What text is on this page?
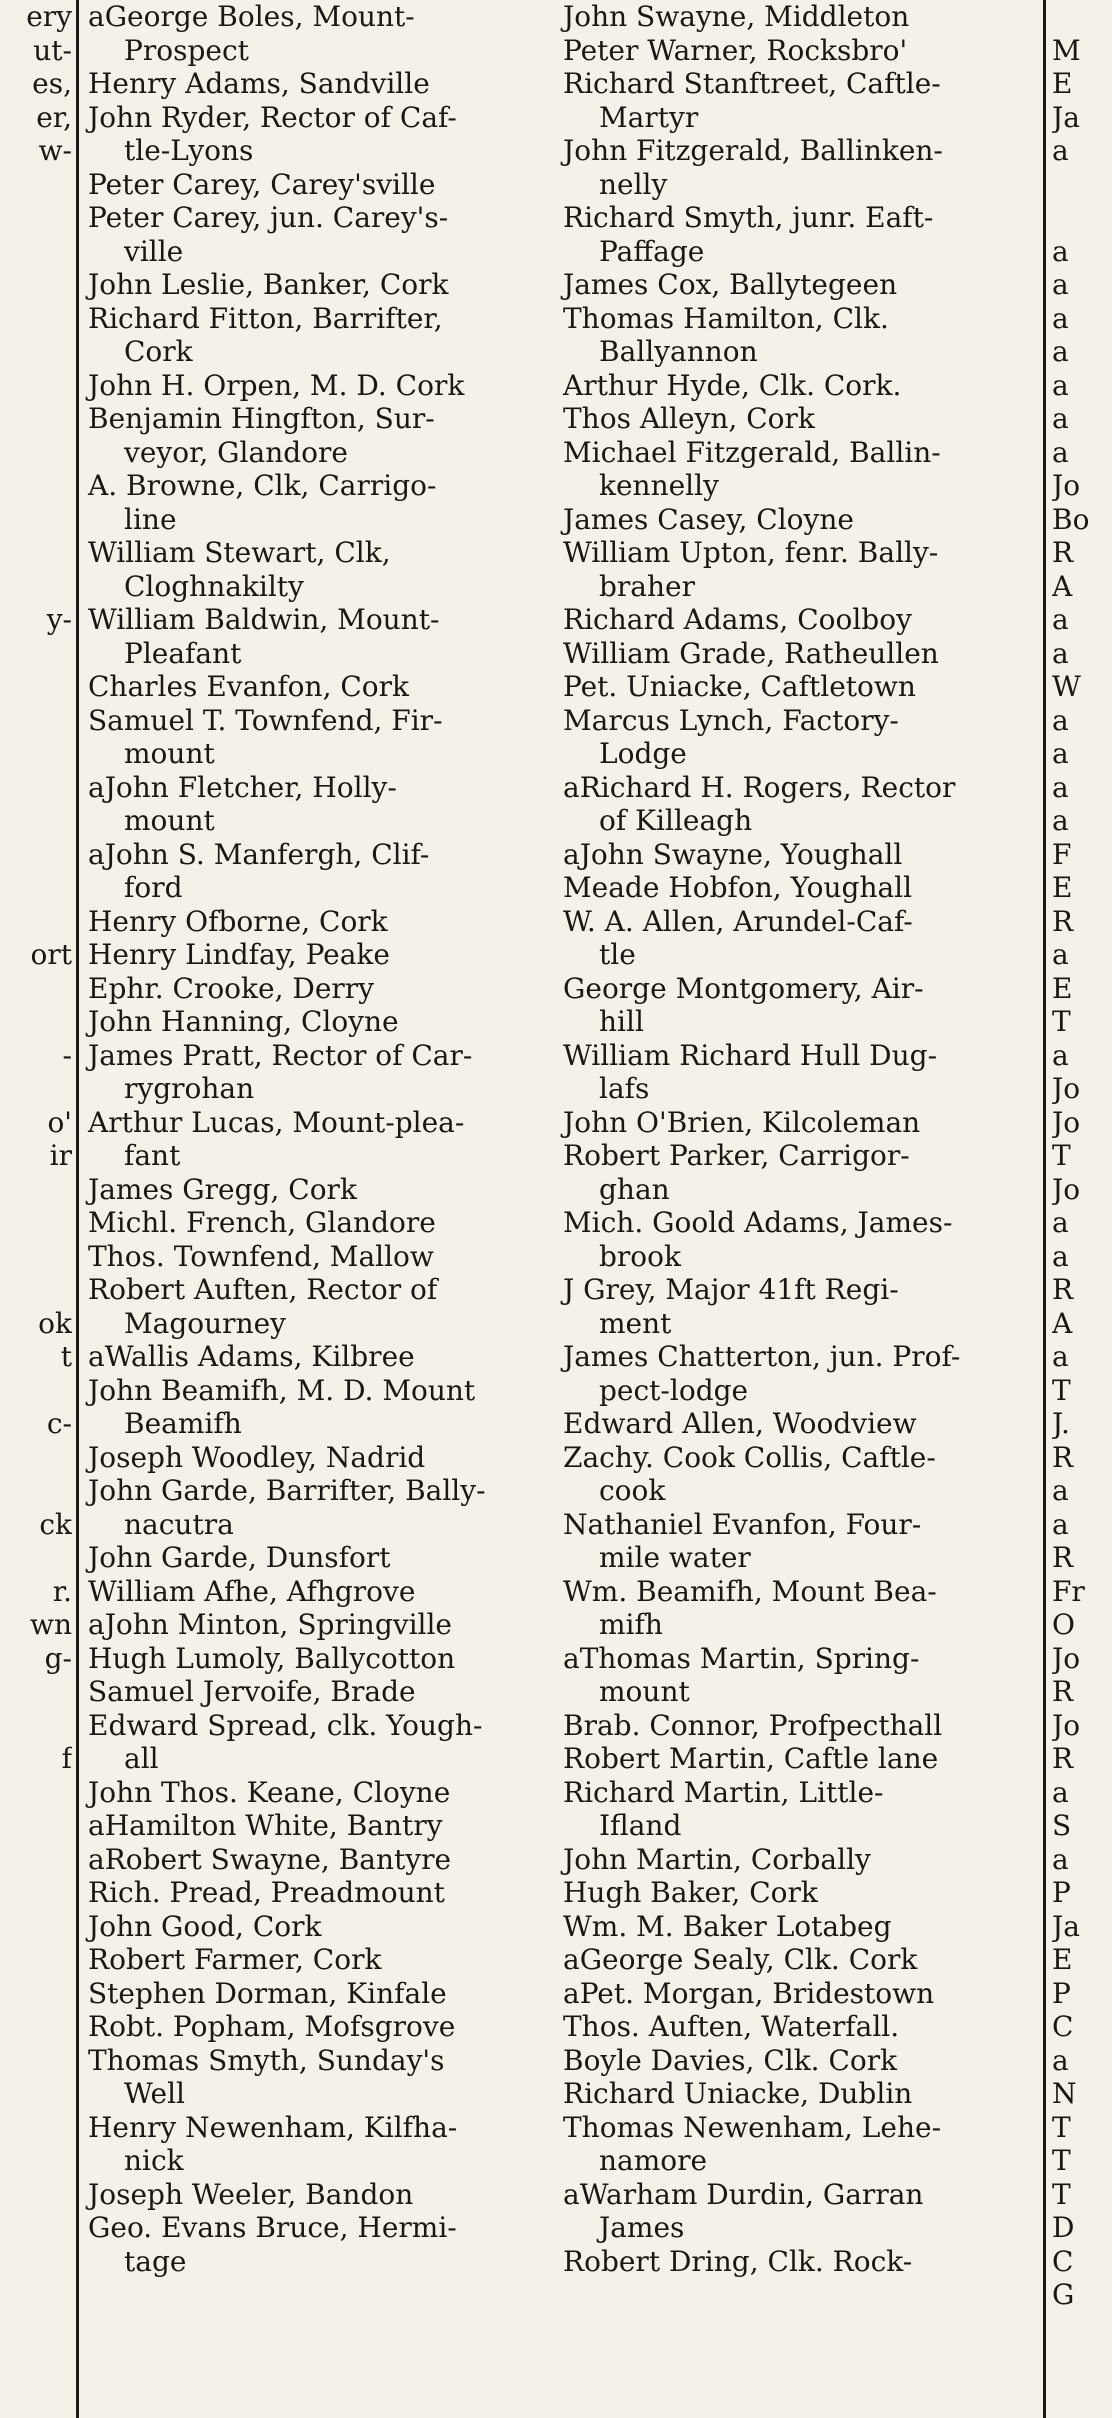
ery
ut-
es,
er,
w-
y-
ort
-
o'
ir
ok
t
c-
ck
r.
wn
g-
f
aGeorge Boles, Mount-
Prospect
Henry Adams, Sandville
John Ryder, Rector of Caf-
tle-Lyons
Peter Carey, Carey'sville
Peter Carey, jun. Carey's-
ville
John Leslie, Banker, Cork
Richard Fitton, Barrifter,
Cork
John H. Orpen, M. D. Cork
Benjamin Hingfton, Sur-
veyor, Glandore
A. Browne, Clk, Carrigo-
line
William Stewart, Clk,
Cloghnakilty
William Baldwin, Mount-
Pleafant
Charles Evanfon, Cork
Samuel T. Townfend, Fir-
mount
aJohn Fletcher, Holly-
mount
aJohn S. Manfergh, Clif-
ford
Henry Ofborne, Cork
Henry Lindfay, Peake
Ephr. Crooke, Derry
John Hanning, Cloyne
James Pratt, Rector of Car-
rygrohan
Arthur Lucas, Mount-plea-
fant
James Gregg, Cork
Michl. French, Glandore
Thos. Townfend, Mallow
Robert Auften, Rector of
Magourney
aWallis Adams, Kilbree
John Beamifh, M. D. Mount
Beamifh
Joseph Woodley, Nadrid
John Garde, Barrifter, Bally-
nacutra
John Garde, Dunsfort
William Afhe, Afhgrove
aJohn Minton, Springville
Hugh Lumoly, Ballycotton
Samuel Jervoife, Brade
Edward Spread, clk. Yough-
all
John Thos. Keane, Cloyne
aHamilton White, Bantry
aRobert Swayne, Bantyre
Rich. Pread, Preadmount
John Good, Cork
Robert Farmer, Cork
Stephen Dorman, Kinfale
Robt. Popham, Mofsgrove
Thomas Smyth, Sunday's
Well
Henry Newenham, Kilfha-
nick
Joseph Weeler, Bandon
Geo. Evans Bruce, Hermi-
tage
John Swayne, Middleton
Peter Warner, Rocksbro'
Richard Stanftreet, Caftle-
Martyr
John Fitzgerald, Ballinken-
nelly
Richard Smyth, junr. Eaft-
Paffage
James Cox, Ballytegeen
Thomas Hamilton, Clk.
Ballyannon
Arthur Hyde, Clk. Cork.
Thos Alleyn, Cork
Michael Fitzgerald, Ballin-
kennelly
James Casey, Cloyne
William Upton, fenr. Bally-
braher
Richard Adams, Coolboy
William Grade, Ratheullen
Pet. Uniacke, Caftletown
Marcus Lynch, Factory-
Lodge
aRichard H. Rogers, Rector
of Killeagh
aJohn Swayne, Youghall
Meade Hobfon, Youghall
W. A. Allen, Arundel-Caf-
tle
George Montgomery, Air-
hill
William Richard Hull Dug-
lafs
John O'Brien, Kilcoleman
Robert Parker, Carrigor-
ghan
Mich. Goold Adams, James-
brook
J Grey, Major 41ft Regi-
ment
James Chatterton, jun. Prof-
pect-lodge
Edward Allen, Woodview
Zachy. Cook Collis, Caftle-
cook
Nathaniel Evanfon, Four-
mile water
Wm. Beamifh, Mount Bea-
mifh
aThomas Martin, Spring-
mount
Brab. Connor, Profpecthall
Robert Martin, Caftle lane
Richard Martin, Little-
Ifland
John Martin, Corbally
Hugh Baker, Cork
Wm. M. Baker Lotabeg
aGeorge Sealy, Clk. Cork
aPet. Morgan, Bridestown
Thos. Auften, Waterfall.
Boyle Davies, Clk. Cork
Richard Uniacke, Dublin
Thomas Newenham, Lehe-
namore
aWarham Durdin, Garran
James
Robert Dring, Clk. Rock-
M
E
Ja
a
a
a
a
a
a
a
a
Jo
Bo
R
A
a
a
W
a
a
a
a
F
E
R
a
E
T
a
Jo
Jo
T
Jo
a
a
R
A
a
T
J.
R
a
a
R
Fr
O
Jo
R
Jo
R
a
S
a
P
Ja
E
P
C
a
N
T
T
T
D
C
G
